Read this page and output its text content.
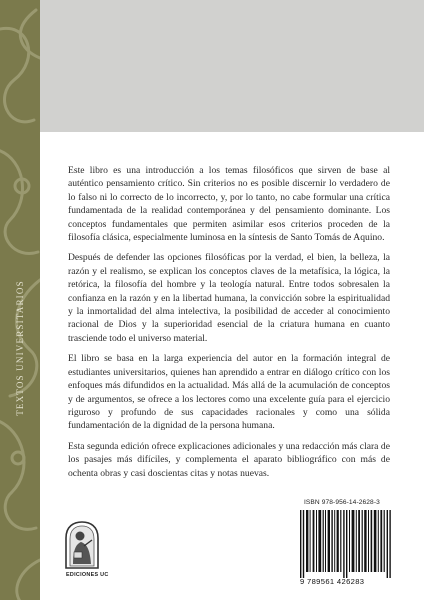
TEXTOS UNIVERSITARIOS

Este libro es una introducción a los temas filosóficos que sirven de base al auténtico pensamiento crítico. Sin criterios no es posible discernir lo verdadero de lo falso ni lo correcto de lo incorrecto, y, por lo tanto, no cabe formular una crítica fundamentada de la realidad contemporánea y del pensamiento dominante. Los conceptos fundamentales que permiten asimilar esos criterios proceden de la filosofía clásica, especialmente luminosa en la síntesis de Santo Tomás de Aquino.

Después de defender las opciones filosóficas por la verdad, el bien, la belleza, la razón y el realismo, se explican los conceptos claves de la metafísica, la lógica, la retórica, la filosofía del hombre y la teología natural. Entre todos sobresalen la confianza en la razón y en la libertad humana, la convicción sobre la espiritualidad y la inmortalidad del alma intelectiva, la posibilidad de acceder al conocimiento racional de Dios y la superioridad esencial de la criatura humana en cuanto trasciende todo el universo material.

El libro se basa en la larga experiencia del autor en la formación integral de estudiantes universitarios, quienes han aprendido a entrar en diálogo crítico con los enfoques más difundidos en la actualidad. Más allá de la acumulación de conceptos y de argumentos, se ofrece a los lectores como una excelente guía para el ejercicio riguroso y profundo de sus capacidades racionales y como una sólida fundamentación de la dignidad de la persona humana.

Esta segunda edición ofrece explicaciones adicionales y una redacción más clara de los pasajes más difíciles, y complementa el aparato bibliográfico con más de ochenta obras y casi doscientas citas y notas nuevas.

EDICIONES UC
ISBN 978-956-14-2628-3
9 789561 426283
